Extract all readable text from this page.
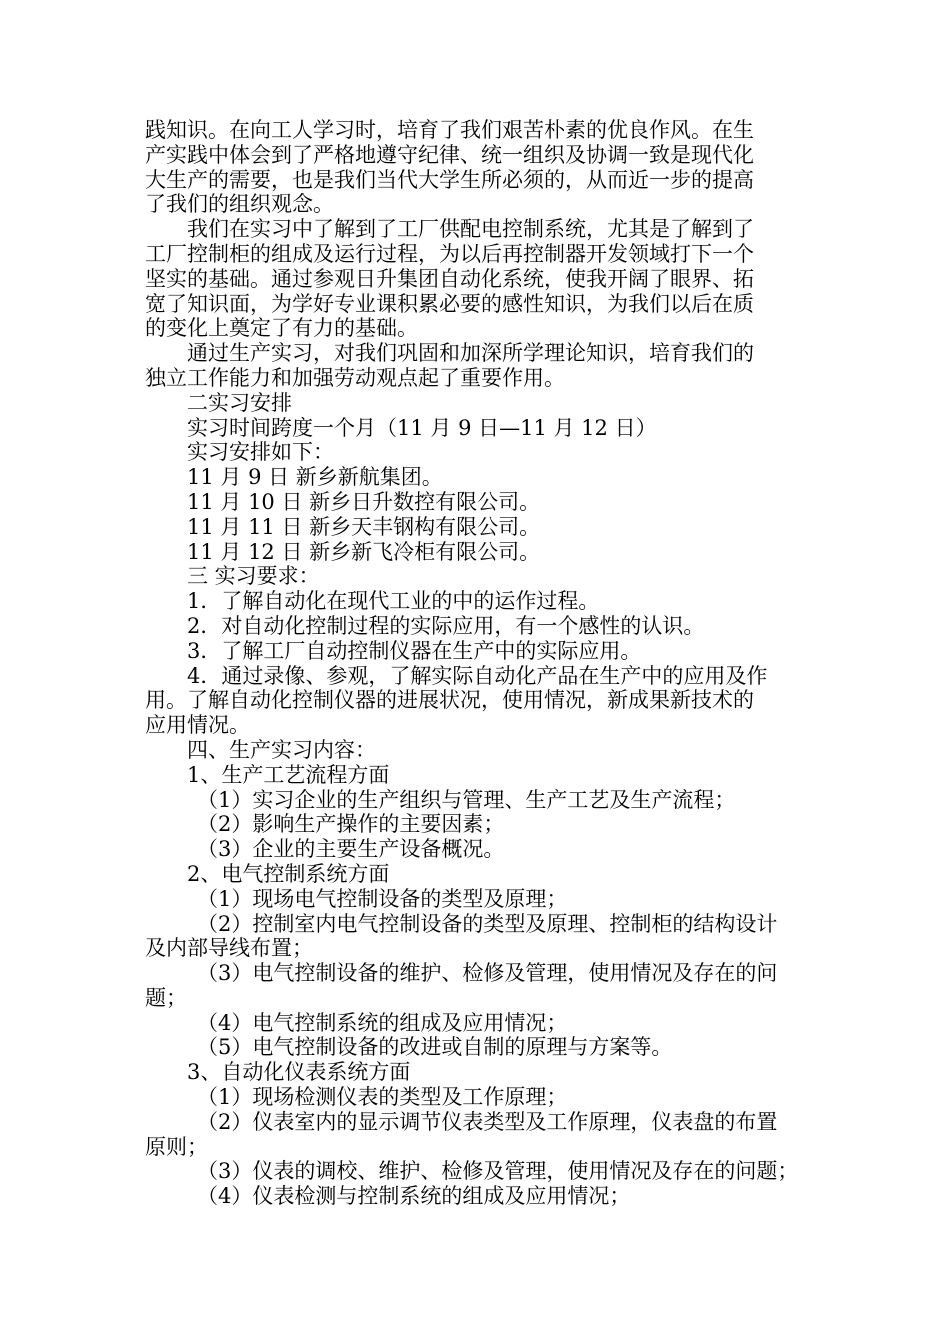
践知识。在向工人学习时，培育了我们艰苦朴素的优良作风。在生
产实践中体会到了严格地遵守纪律、统一组织及协调一致是现代化
大生产的需要，也是我们当代大学生所必须的，从而近一步的提高
了我们的组织观念。
我们在实习中了解到了工厂供配电控制系统，尤其是了解到了
工厂控制柜的组成及运行过程，为以后再控制器开发领域打下一个
坚实的基础。通过参观日升集团自动化系统，使我开阔了眼界、拓
宽了知识面，为学好专业课积累必要的感性知识，为我们以后在质
的变化上奠定了有力的基础。
通过生产实习，对我们巩固和加深所学理论知识，培育我们的
独立工作能力和加强劳动观点起了重要作用。
二实习安排
实习时间跨度一个月（11 月 9 日—11 月 12 日）
实习安排如下：
11 月 9 日 新乡新航集团。
11 月 10 日 新乡日升数控有限公司。
11 月 11 日 新乡天丰钢构有限公司。
11 月 12 日 新乡新飞冷柜有限公司。
三 实习要求：
1．了解自动化在现代工业的中的运作过程。
2．对自动化控制过程的实际应用，有一个感性的认识。
3．了解工厂自动控制仪器在生产中的实际应用。
4．通过录像、参观，了解实际自动化产品在生产中的应用及作
用。了解自动化控制仪器的进展状况，使用情况，新成果新技术的
应用情况。
四、生产实习内容：
1、生产工艺流程方面
（1）实习企业的生产组织与管理、生产工艺及生产流程；
（2）影响生产操作的主要因素；
（3）企业的主要生产设备概况。
2、电气控制系统方面
（1）现场电气控制设备的类型及原理；
（2）控制室内电气控制设备的类型及原理、控制柜的结构设计
及内部导线布置；
（3）电气控制设备的维护、检修及管理，使用情况及存在的问
题；
（4）电气控制系统的组成及应用情况；
（5）电气控制设备的改进或自制的原理与方案等。
3、自动化仪表系统方面
（1）现场检测仪表的类型及工作原理；
（2）仪表室内的显示调节仪表类型及工作原理，仪表盘的布置
原则；
（3）仪表的调校、维护、检修及管理，使用情况及存在的问题；
（4）仪表检测与控制系统的组成及应用情况；
